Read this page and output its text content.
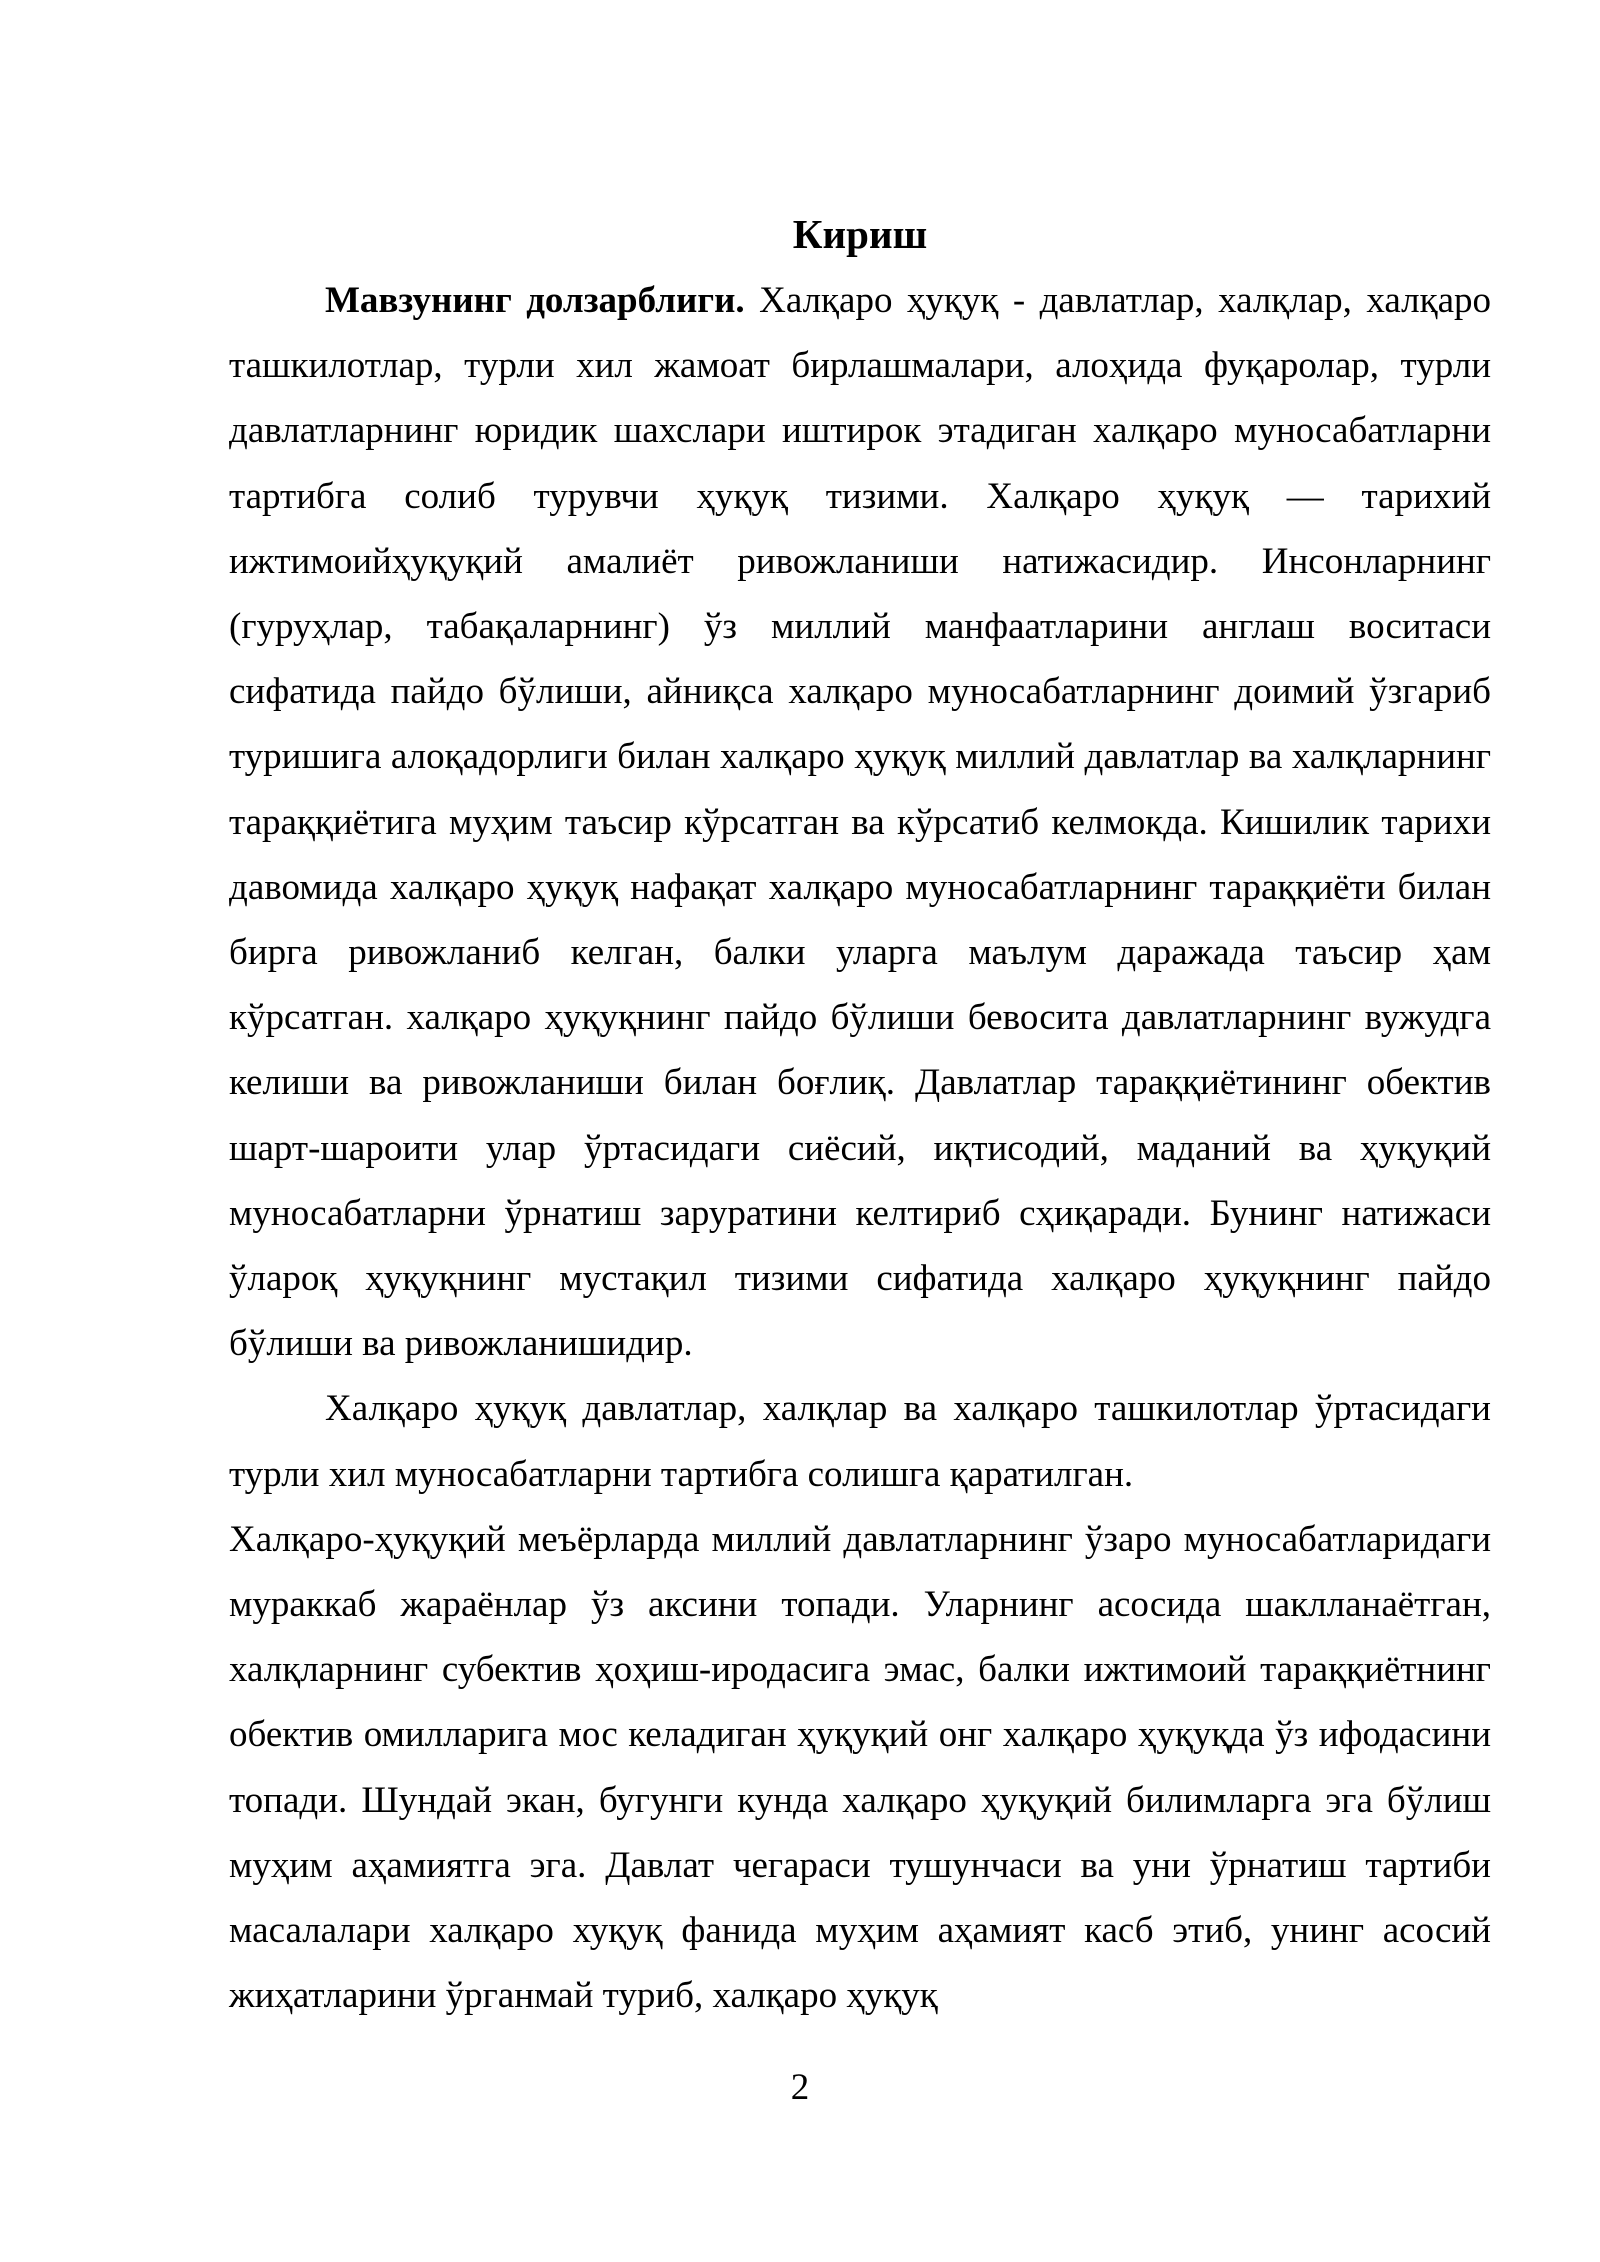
Кириш

Мавзунинг долзарблиги. Халқаро ҳуқуқ - давлатлар, халқлар, халқаро ташкилотлар, турли хил жамоат бирлашмалари, алоҳида фуқаролар, турли давлатларнинг юридик шахслари иштирок этадиган халқаро муносабатларни тартибга солиб турувчи ҳуқуқ тизими. Халқаро ҳуқуқ — тарихий ижтимоийҳуқуқий амалиёт ривожланиши натижасидир. Инсонларнинг (гуруҳлар, табақаларнинг) ўз миллий манфаатларини англаш воситаси сифатида пайдо бўлиши, айниқса халқаро муносабатларнинг доимий ўзгариб туришига алоқадорлиги билан халқаро ҳуқуқ миллий давлатлар ва халқларнинг тараққиётига муҳим таъсир кўрсатган ва кўрсатиб келмокда. Кишилик тарихи давомида халқаро ҳуқуқ нафақат халқаро муносабатларнинг тараққиёти билан бирга ривожланиб келган, балки уларга маълум даражада таъсир ҳам кўрсатган. халқаро ҳуқуқнинг пайдо бўлиши бевосита давлатларнинг вужудга келиши ва ривожланиши билан боғлиқ. Давлатлар тараққиётининг обектив шарт-шароити улар ўртасидаги сиёсий, иқтисодий, маданий ва ҳуқуқий муносабатларни ўрнатиш заруратини келтириб сҳиқаради. Бунинг натижаси ўлароқ ҳуқуқнинг мустақил тизими сифатида халқаро ҳуқуқнинг пайдо бўлиши ва ривожланишидир.

Халқаро ҳуқуқ давлатлар, халқлар ва халқаро ташкилотлар ўртасидаги турли хил муносабатларни тартибга солишга қаратилган.

Халқаро-ҳуқуқий меъёрларда миллий давлатларнинг ўзаро муносабатларидаги мураккаб жараёнлар ўз аксини топади. Уларнинг асосида шаклланаётган, халқларнинг субектив ҳоҳиш-иродасига эмас, балки ижтимоий тараққиётнинг обектив омилларига мос келадиган ҳуқуқий онг халқаро ҳуқуқда ўз ифодасини топади. Шундай экан, бугунги кунда халқаро ҳуқуқий билимларга эга бўлиш муҳим аҳамиятга эга. Давлат чегараси тушунчаси ва уни ўрнатиш тартиби масалалари халқаро хуқуқ фанида муҳим аҳамият касб этиб, унинг асосий жиҳатларини ўрганмай туриб, халқаро ҳуқуқ

2
